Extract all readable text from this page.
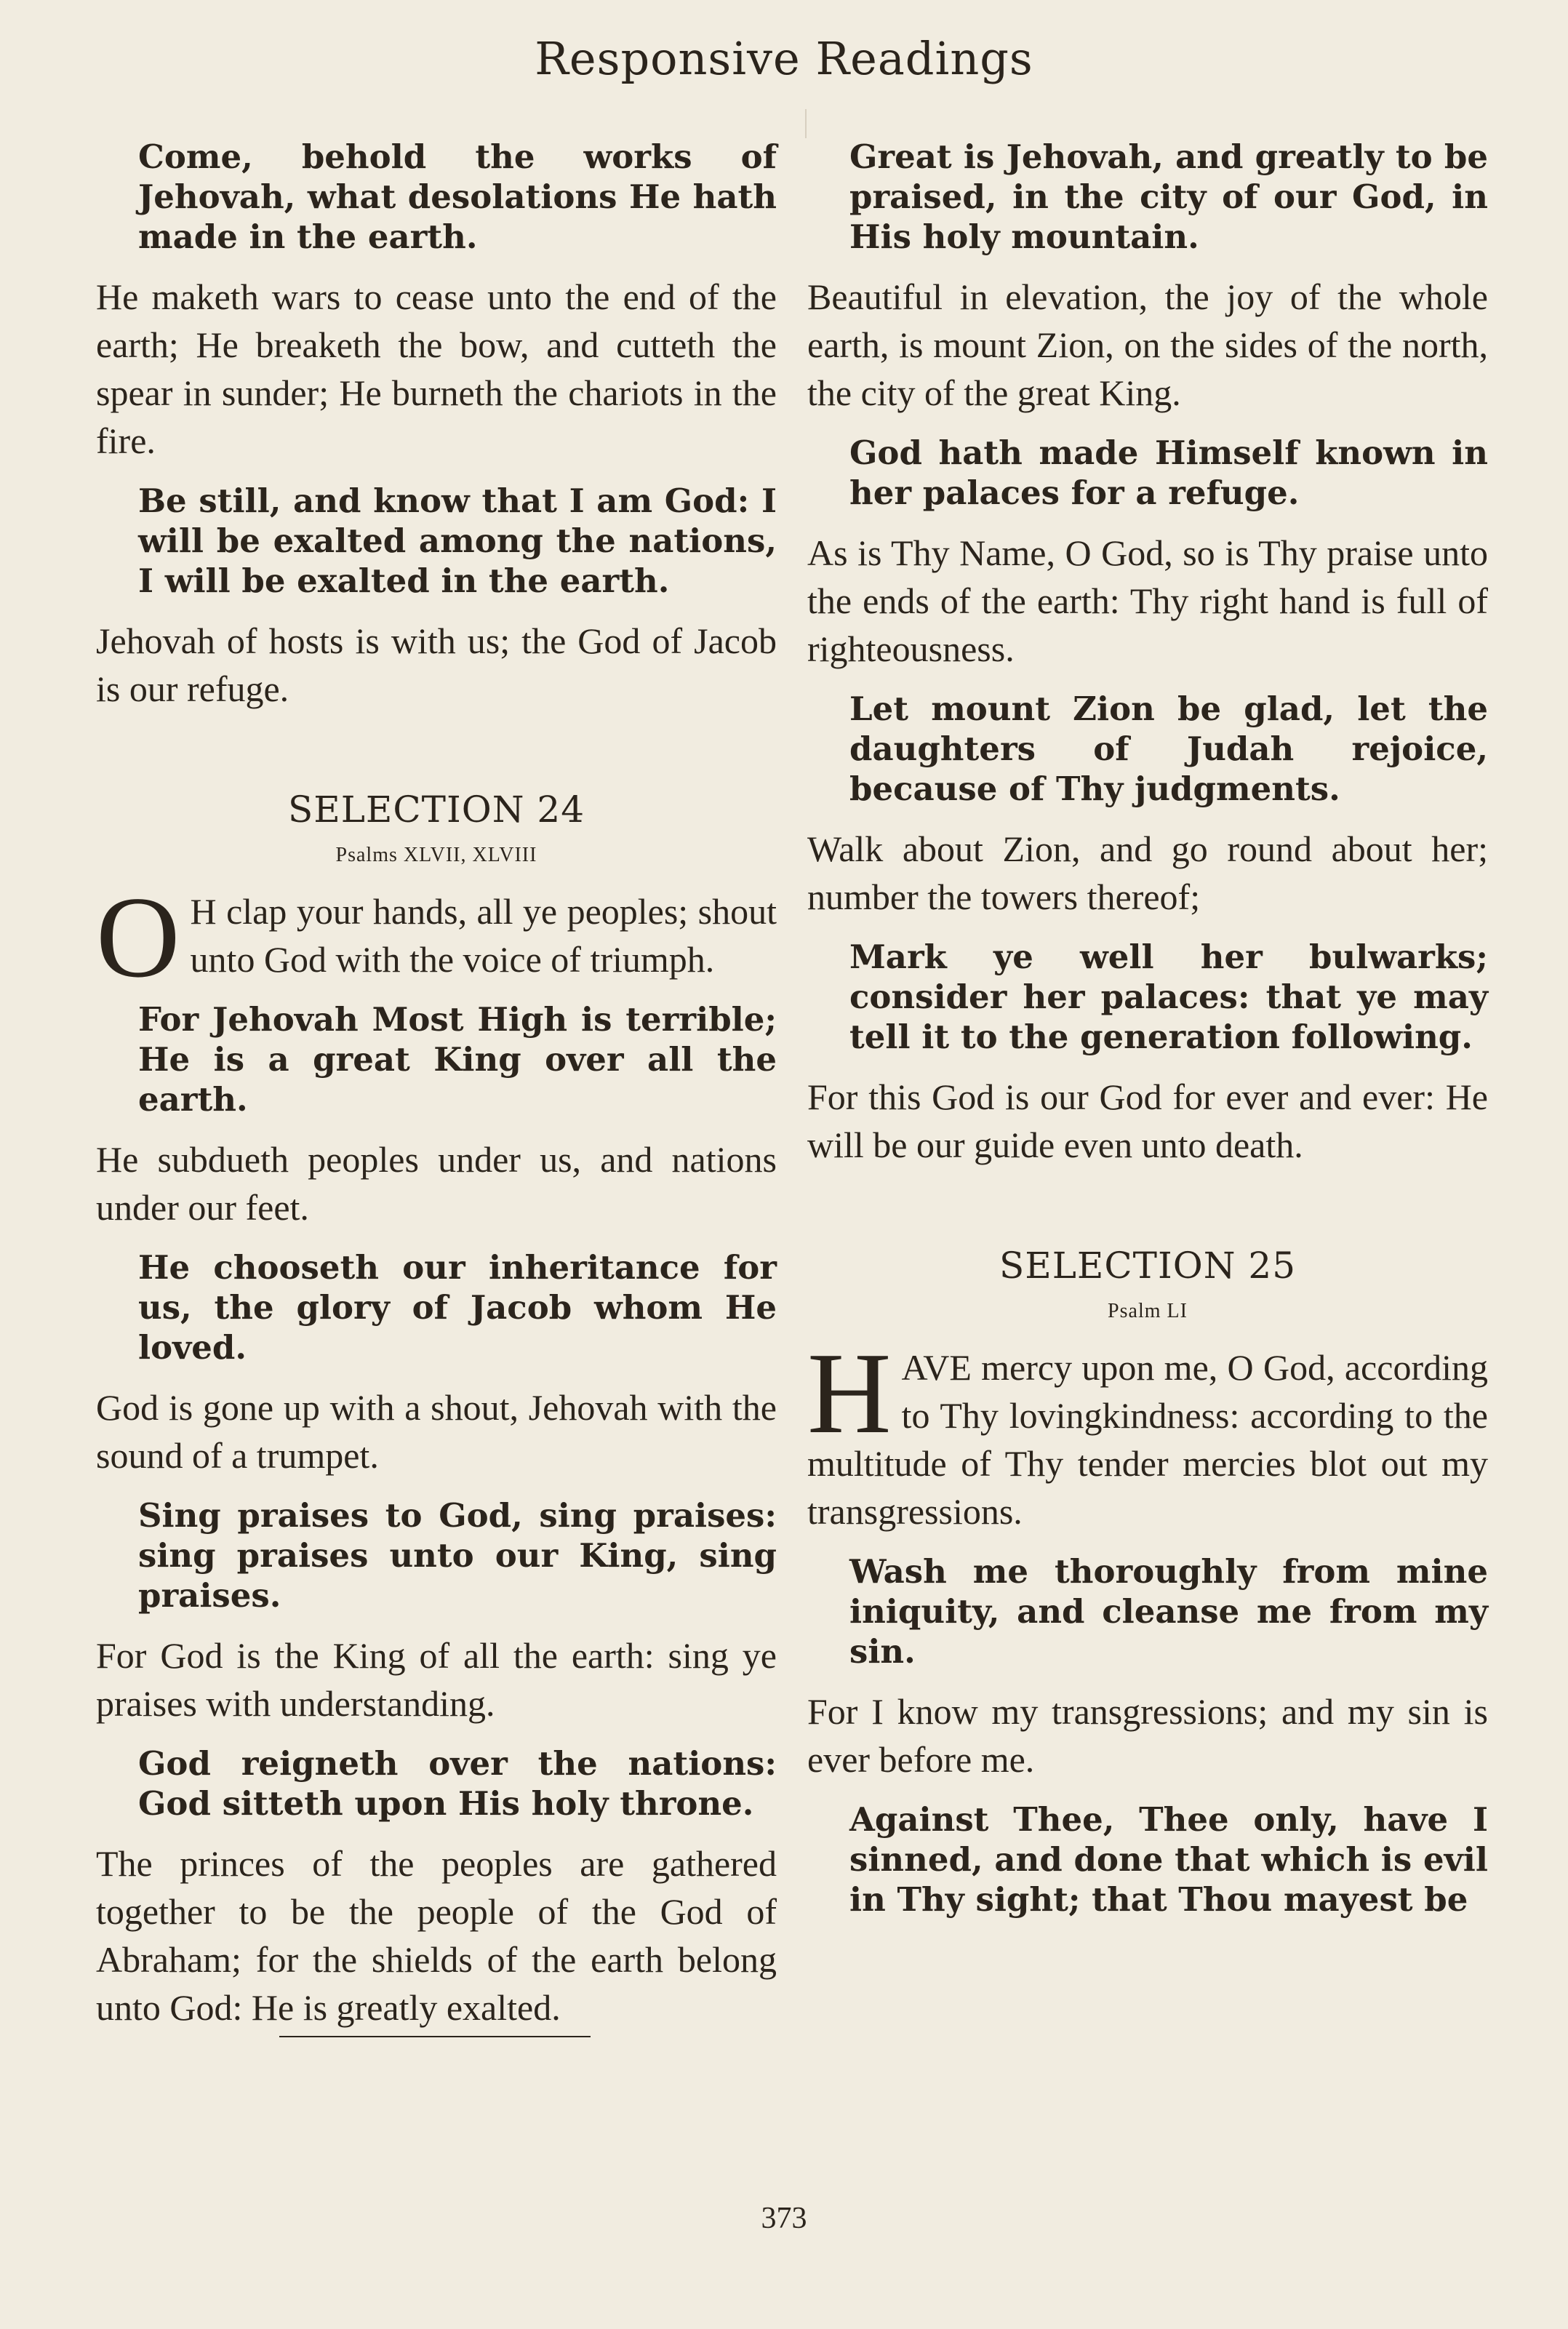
Responsive Readings

Come, behold the works of Jehovah, what desolations He hath made in the earth.

He maketh wars to cease unto the end of the earth; He breaketh the bow, and cutteth the spear in sunder; He burneth the chariots in the fire.

Be still, and know that I am God: I will be exalted among the nations, I will be exalted in the earth.

Jehovah of hosts is with us; the God of Jacob is our refuge.

SELECTION 24
Psalms XLVII, XLVIII

O H clap your hands, all ye peoples; shout unto God with the voice of triumph.

For Jehovah Most High is terrible; He is a great King over all the earth.

He subdueth peoples under us, and nations under our feet.

He chooseth our inheritance for us, the glory of Jacob whom He loved.

God is gone up with a shout, Jehovah with the sound of a trumpet.

Sing praises to God, sing praises: sing praises unto our King, sing praises.

For God is the King of all the earth: sing ye praises with understanding.

God reigneth over the nations: God sitteth upon His holy throne.

The princes of the peoples are gathered together to be the people of the God of Abraham; for the shields of the earth belong unto God: He is greatly exalted.

Great is Jehovah, and greatly to be praised, in the city of our God, in His holy mountain.

Beautiful in elevation, the joy of the whole earth, is mount Zion, on the sides of the north, the city of the great King.

God hath made Himself known in her palaces for a refuge.

As is Thy Name, O God, so is Thy praise unto the ends of the earth: Thy right hand is full of righteousness.

Let mount Zion be glad, let the daughters of Judah rejoice, because of Thy judgments.

Walk about Zion, and go round about her; number the towers thereof;

Mark ye well her bulwarks; consider her palaces: that ye may tell it to the generation following.

For this God is our God for ever and ever: He will be our guide even unto death.

SELECTION 25
Psalm LI

HAVE mercy upon me, O God, according to Thy lovingkindness: according to the multitude of Thy tender mercies blot out my transgressions.

Wash me thoroughly from mine iniquity, and cleanse me from my sin.

For I know my transgressions; and my sin is ever before me.

Against Thee, Thee only, have I sinned, and done that which is evil in Thy sight; that Thou mayest be

373
